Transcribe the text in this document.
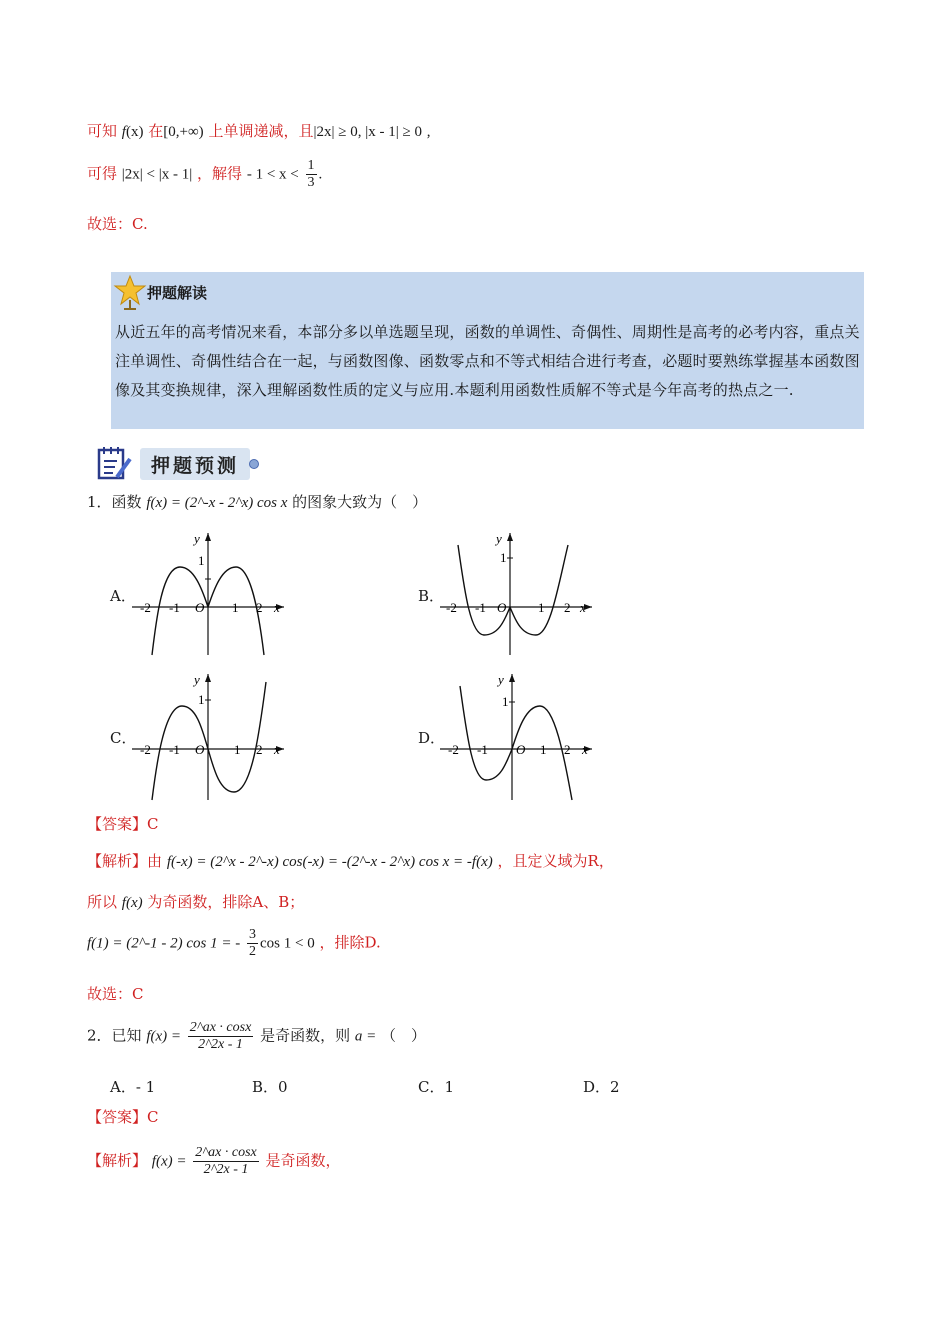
可知 f(x) 在[0,+∞) 上单调递减，且|2x| ≥ 0, |x - 1| ≥ 0 ,
可得 |2x| < |x - 1| ，解得 - $1 < x < \frac{1}{3}$ .
故选：C.
押题解读
从近五年的高考情况来看，本部分多以单选题呈现，函数的单调性、奇偶性、周期性是高考的必考内容，重点关注单调性、奇偶性结合在一起，与函数图像、函数零点和不等式相结合进行考查，必题时要熟练掌握基本函数图像及其变换规律，深入理解函数性质的定义与应用.本题利用函数性质解不等式是今年高考的热点之一.
押题预测
1．函数 f(x) = (2^-x - 2^x) cos x 的图象大致为（　）
A．	B．
C．	D．
y
1
x
O
-2 -1	1 2
y
1
x
O
-2 -1	1 2
y
1
x
O
-2 -1	1 2
y
1
x
O
-2 -1	1 2
【答案】C
【解析】由 f(-x) = (2^x - 2^-x) cos(-x) = -(2^-x - 2^x) cos x = -f(x) ，且定义域为R，
所以 f(x) 为奇函数，排除A、B；
f(1) = (2^-1 - 2) cos 1 = - $\frac{3}{2}$ cos 1 < 0 ，排除D.
故选：C
2．已知 $f(x) = \frac{2\^{}ax \cdot \cos x}{2\^{}2x - 1}$ 是奇函数，则 a = （　）
A．- 1	B．0	C．1	D．2
【答案】C
【解析】 $f(x) = \frac{2\^{}ax \cdot \cos x}{2\^{}2x - 1}$ 是奇函数，
